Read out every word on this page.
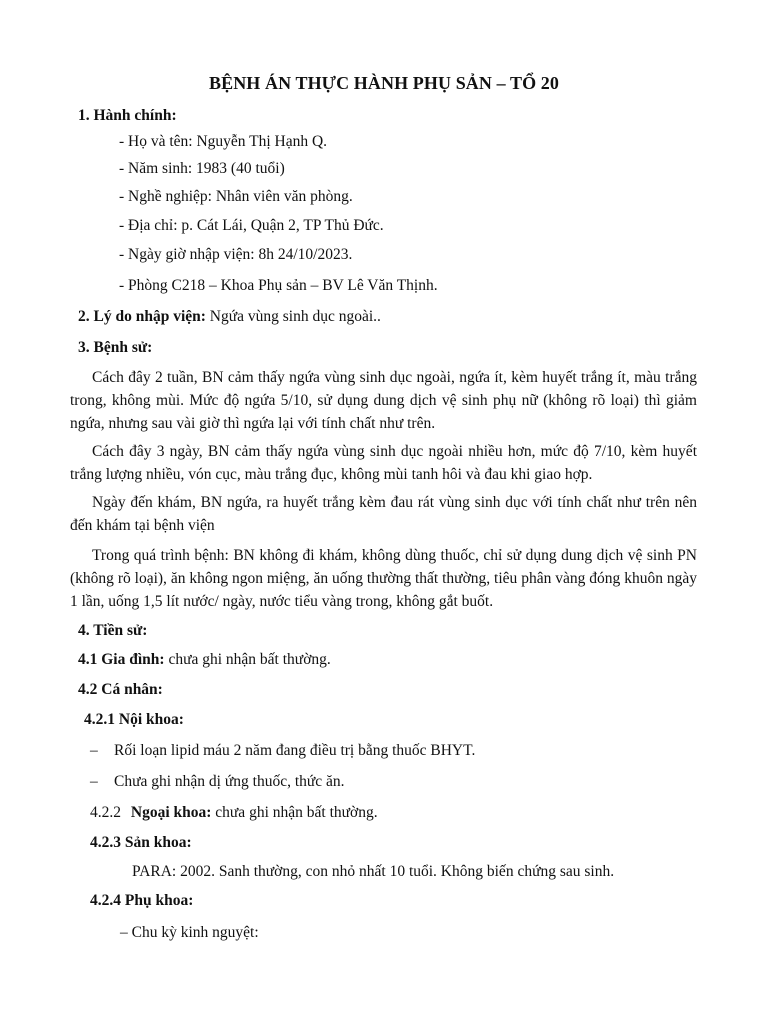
BỆNH ÁN THỰC HÀNH PHỤ SẢN – TỔ 20
1. Hành chính:
- Họ và tên: Nguyễn Thị Hạnh Q.
- Năm sinh: 1983 (40 tuổi)
- Nghề nghiệp: Nhân viên văn phòng.
- Địa chỉ: p. Cát Lái, Quận 2, TP Thủ Đức.
- Ngày giờ nhập viện: 8h 24/10/2023.
- Phòng C218 – Khoa Phụ sản – BV Lê Văn Thịnh.
2. Lý do nhập viện: Ngứa vùng sinh dục ngoài..
3. Bệnh sử:
Cách đây 2 tuần, BN cảm thấy ngứa vùng sinh dục ngoài, ngứa ít, kèm huyết trắng ít, màu trắng trong, không mùi. Mức độ ngứa 5/10, sử dụng dung dịch vệ sinh phụ nữ (không rõ loại) thì giảm ngứa, nhưng sau vài giờ thì ngứa lại với tính chất như trên.
Cách đây 3 ngày, BN cảm thấy ngứa vùng sinh dục ngoài nhiều hơn, mức độ 7/10, kèm huyết trắng lượng nhiều, vón cục, màu trắng đục, không mùi tanh hôi và đau khi giao hợp.
Ngày đến khám, BN ngứa, ra huyết trắng kèm đau rát vùng sinh dục với tính chất như trên nên đến khám tại bệnh viện
Trong quá trình bệnh: BN không đi khám, không dùng thuốc, chỉ sử dụng dung dịch vệ sinh PN (không rõ loại), ăn không ngon miệng, ăn uống thường thất thường, tiêu phân vàng đóng khuôn ngày 1 lần, uống 1,5 lít nước/ ngày, nước tiểu vàng trong, không gắt buốt.
4. Tiền sử:
4.1 Gia đình: chưa ghi nhận bất thường.
4.2 Cá nhân:
4.2.1 Nội khoa:
– Rối loạn lipid máu 2 năm đang điều trị bằng thuốc BHYT.
– Chưa ghi nhận dị ứng thuốc, thức ăn.
4.2.2 Ngoại khoa: chưa ghi nhận bất thường.
4.2.3 Sản khoa:
PARA: 2002. Sanh thường, con nhỏ nhất 10 tuổi. Không biến chứng sau sinh.
4.2.4 Phụ khoa:
– Chu kỳ kinh nguyệt:
